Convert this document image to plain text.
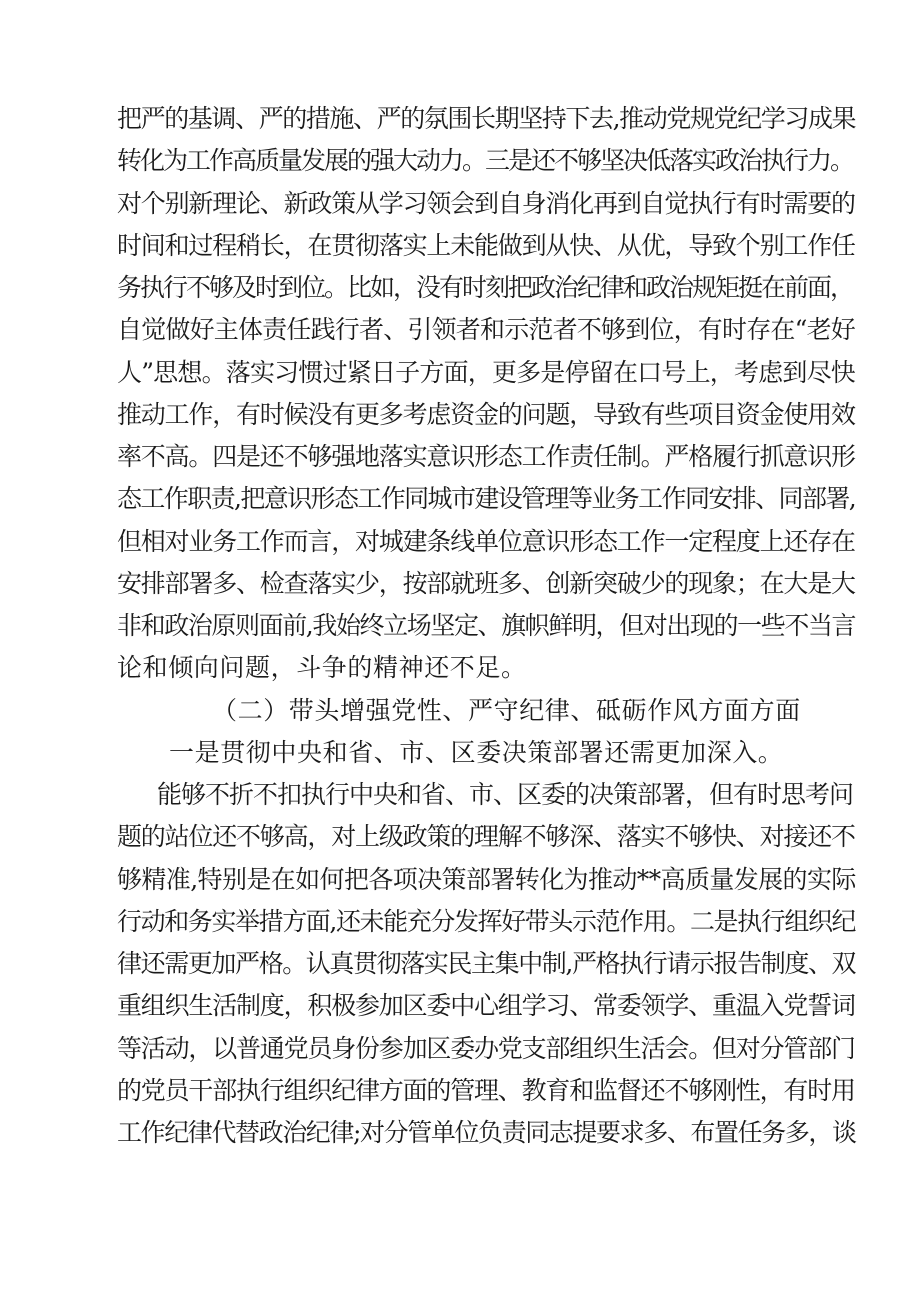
把严的基调、严的措施、严的氛围长期坚持下去,推动党规党纪学习成果
转化为工作高质量发展的强大动力。三是还不够坚决低落实政治执行力。
对个别新理论、新政策从学习领会到自身消化再到自觉执行有时需要的
时间和过程稍长，在贯彻落实上未能做到从快、从优，导致个别工作任
务执行不够及时到位。比如，没有时刻把政治纪律和政治规矩挺在前面，
自觉做好主体责任践行者、引领者和示范者不够到位，有时存在“老好
人”思想。落实习惯过紧日子方面，更多是停留在口号上，考虑到尽快
推动工作，有时候没有更多考虑资金的问题，导致有些项目资金使用效
率不高。四是还不够强地落实意识形态工作责任制。严格履行抓意识形
态工作职责,把意识形态工作同城市建设管理等业务工作同安排、同部署,
但相对业务工作而言，对城建条线单位意识形态工作一定程度上还存在
安排部署多、检查落实少，按部就班多、创新突破少的现象；在大是大
非和政治原则面前,我始终立场坚定、旗帜鲜明，但对出现的一些不当言
论和倾向问题，斗争的精神还不足。
（二）带头增强党性、严守纪律、砥砺作风方面方面
一是贯彻中央和省、市、区委决策部署还需更加深入。
能够不折不扣执行中央和省、市、区委的决策部署，但有时思考问
题的站位还不够高，对上级政策的理解不够深、落实不够快、对接还不
够精准,特别是在如何把各项决策部署转化为推动**高质量发展的实际
行动和务实举措方面,还未能充分发挥好带头示范作用。二是执行组织纪
律还需更加严格。认真贯彻落实民主集中制,严格执行请示报告制度、双
重组织生活制度，积极参加区委中心组学习、常委领学、重温入党誓词
等活动，以普通党员身份参加区委办党支部组织生活会。但对分管部门
的党员干部执行组织纪律方面的管理、教育和监督还不够刚性，有时用
工作纪律代替政治纪律;对分管单位负责同志提要求多、布置任务多，谈
